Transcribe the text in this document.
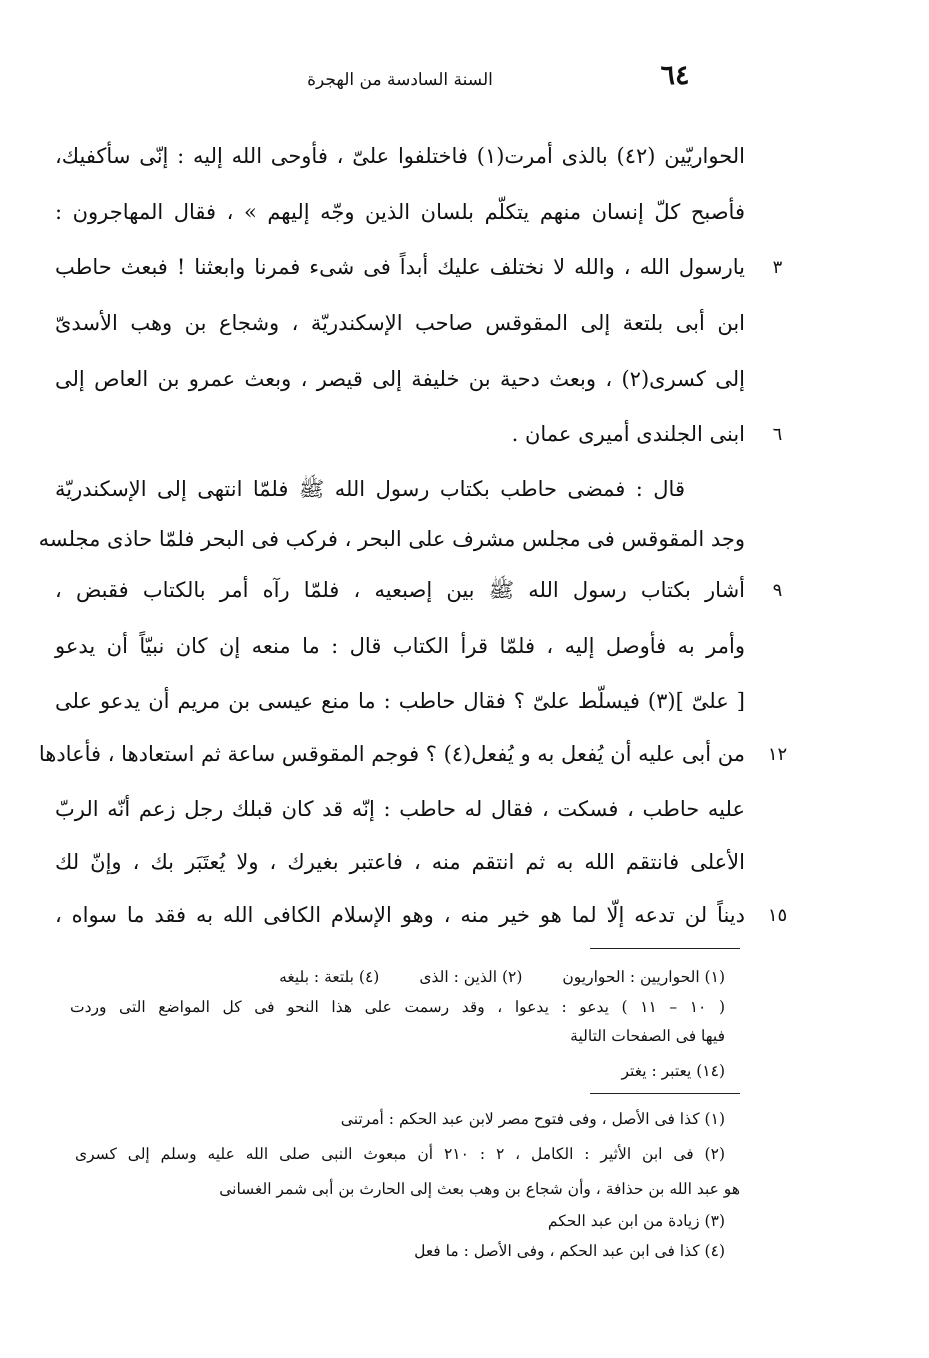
السنة السادسة من الهجرة	٦٤
الحواريّين (٤٢) بالذى أمرت(١) فاختلفوا علىّ ، فأوحى الله إليه : إنّى سأكفيك،
فأصبح كلّ إنسان منهم يتكلّم بلسان الذين وجّه إليهم » ، فقال المهاجرون :
يارسول الله ، والله لا نختلف عليك أبداً فى شىء فمرنا وابعثنا ! فبعث حاطب
ابن أبى بلتعة إلى المقوقس صاحب الإسكندريّة ، وشجاع بن وهب الأسدىّ
إلى كسرى(٢) ، وبعث دحية بن خليفة إلى قيصر ، وبعث عمرو بن العاص إلى
ابنى الجلندى أميرى عمان .
قال : فمضى حاطب بكتاب رسول الله ﷺ فلمّا انتهى إلى الإسكندريّة
وجد المقوقس فى مجلس مشرف على البحر ، فركب فى البحر فلمّا حاذى مجلسه
أشار بكتاب رسول الله ﷺ بين إصبعيه ، فلمّا رآه أمر بالكتاب فقبض ،
وأمر به فأوصل إليه ، فلمّا قرأ الكتاب قال : ما منعه إن كان نبيّاً أن يدعو
[ علىّ ](٣) فيسلّط علىّ ؟ فقال حاطب : ما منع عيسى بن مريم أن يدعو على
من أبى عليه أن يُفعل به و يُفعل(٤) ؟ فوجم المقوقس ساعة ثم استعادها ، فأعادها
عليه حاطب ، فسكت ، فقال له حاطب : إنّه قد كان قبلك رجل زعم أنّه الربّ
الأعلى فانتقم الله به ثم انتقم منه ، فاعتبر بغيرك ، ولا يُعتَبَر بك ، وإنّ لك
ديناً لن تدعه إلّا لما هو خير منه ، وهو الإسلام الكافى الله به فقد ما سواه ،
٣
٦
٩
١٢
١٥
(١) الحواريين : الحواريون(٢) الذين : الذى(٤) بلتعة : بليغه
( ١٠ – ١١ ) يدعو : يدعوا ، وقد رسمت على هذا النحو فى كل المواضع التى وردت
فيها فى الصفحات التالية
(١٤) يعتبر : يغتر
(١) كذا فى الأصل ، وفى فتوح مصر لابن عبد الحكم : أمرتنى
(٢) فى ابن الأثير : الكامل ، ٢ : ٢١٠ أن مبعوث النبى صلى الله عليه وسلم إلى كسرى
هو عبد الله بن حذافة ، وأن شجاع بن وهب بعث إلى الحارث بن أبى شمر الغسانى
(٣) زيادة من ابن عبد الحكم
(٤) كذا فى ابن عبد الحكم ، وفى الأصل : ما فعل
